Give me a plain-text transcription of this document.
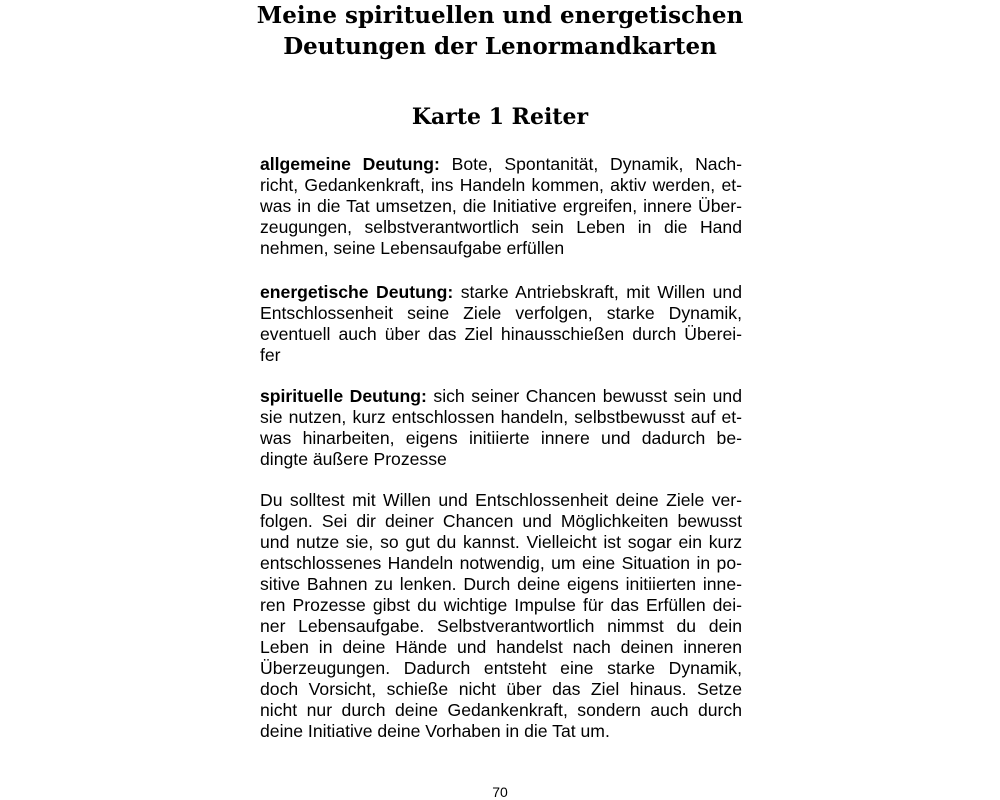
Meine spirituellen und energetischen
Deutungen der Lenormandkarten
Karte 1 Reiter
allgemeine Deutung: Bote, Spontanität, Dynamik, Nach-
richt, Gedankenkraft, ins Handeln kommen, aktiv werden, et-
was in die Tat umsetzen, die Initiative ergreifen, innere Über-
zeugungen, selbstverantwortlich sein Leben in die Hand
nehmen, seine Lebensaufgabe erfüllen
energetische Deutung: starke Antriebskraft, mit Willen und
Entschlossenheit seine Ziele verfolgen, starke Dynamik,
eventuell auch über das Ziel hinausschießen durch Überei-
fer
spirituelle Deutung: sich seiner Chancen bewusst sein und
sie nutzen, kurz entschlossen handeln, selbstbewusst auf et-
was hinarbeiten, eigens initiierte innere und dadurch be-
dingte äußere Prozesse
Du solltest mit Willen und Entschlossenheit deine Ziele ver-
folgen. Sei dir deiner Chancen und Möglichkeiten bewusst
und nutze sie, so gut du kannst. Vielleicht ist sogar ein kurz
entschlossenes Handeln notwendig, um eine Situation in po-
sitive Bahnen zu lenken. Durch deine eigens initiierten inne-
ren Prozesse gibst du wichtige Impulse für das Erfüllen dei-
ner Lebensaufgabe. Selbstverantwortlich nimmst du dein
Leben in deine Hände und handelst nach deinen inneren
Überzeugungen. Dadurch entsteht eine starke Dynamik,
doch Vorsicht, schieße nicht über das Ziel hinaus. Setze
nicht nur durch deine Gedankenkraft, sondern auch durch
deine Initiative deine Vorhaben in die Tat um.

70
